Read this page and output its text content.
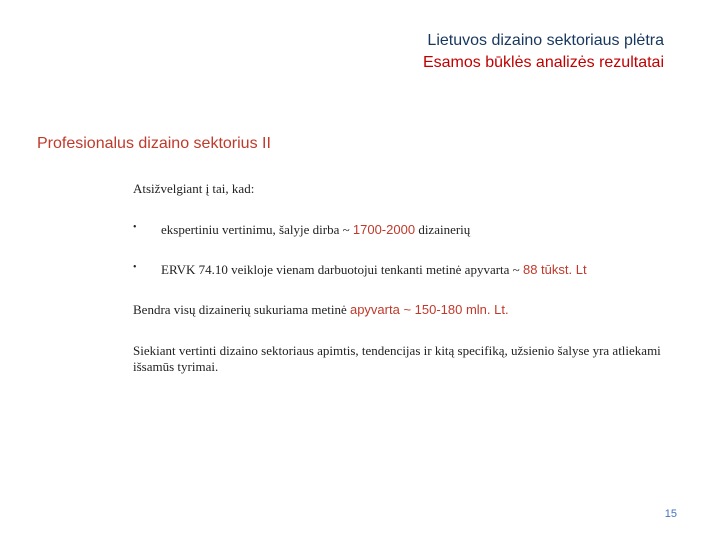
Lietuvos dizaino sektoriaus plėtra
Esamos būklės analizės rezultatai
Profesionalus dizaino sektorius II
Atsižvelgiant į tai, kad:
• ekspertiniu vertinimu, šalyje dirba ~ 1700-2000 dizainerių
• ERVK 74.10 veikloje vienam darbuotojui tenkanti metinė apyvarta ~ 88 tūkst. Lt
Bendra visų dizainerių sukuriama metinė apyvarta ~ 150-180 mln. Lt.
Siekiant vertinti dizaino sektoriaus apimtis, tendencijas ir kitą specifiką, užsienio šalyse yra atliekami išsamūs tyrimai.
15
